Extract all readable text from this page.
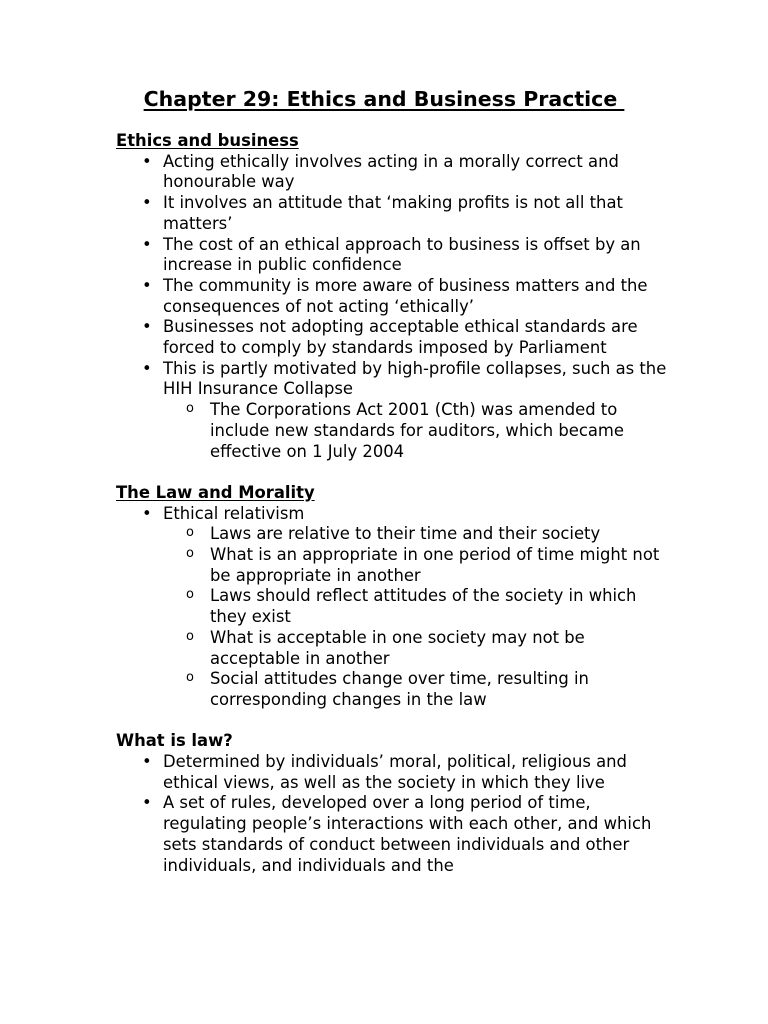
Chapter 29: Ethics and Business Practice
Ethics and business
• Acting ethically involves acting in a morally correct and honourable way
• It involves an attitude that ‘making profits is not all that matters’
• The cost of an ethical approach to business is offset by an increase in public confidence
• The community is more aware of business matters and the consequences of not acting ‘ethically’
• Businesses not adopting acceptable ethical standards are forced to comply by standards imposed by Parliament
• This is partly motivated by high-profile collapses, such as the HIH Insurance Collapse
o The Corporations Act 2001 (Cth) was amended to include new standards for auditors, which became effective on 1 July 2004
The Law and Morality
• Ethical relativism
o Laws are relative to their time and their society
o What is an appropriate in one period of time might not be appropriate in another
o Laws should reflect attitudes of the society in which they exist
o What is acceptable in one society may not be acceptable in another
o Social attitudes change over time, resulting in corresponding changes in the law
What is law?
• Determined by individuals’ moral, political, religious and ethical views, as well as the society in which they live
• A set of rules, developed over a long period of time, regulating people’s interactions with each other, and which sets standards of conduct between individuals and other individuals, and individuals and the
